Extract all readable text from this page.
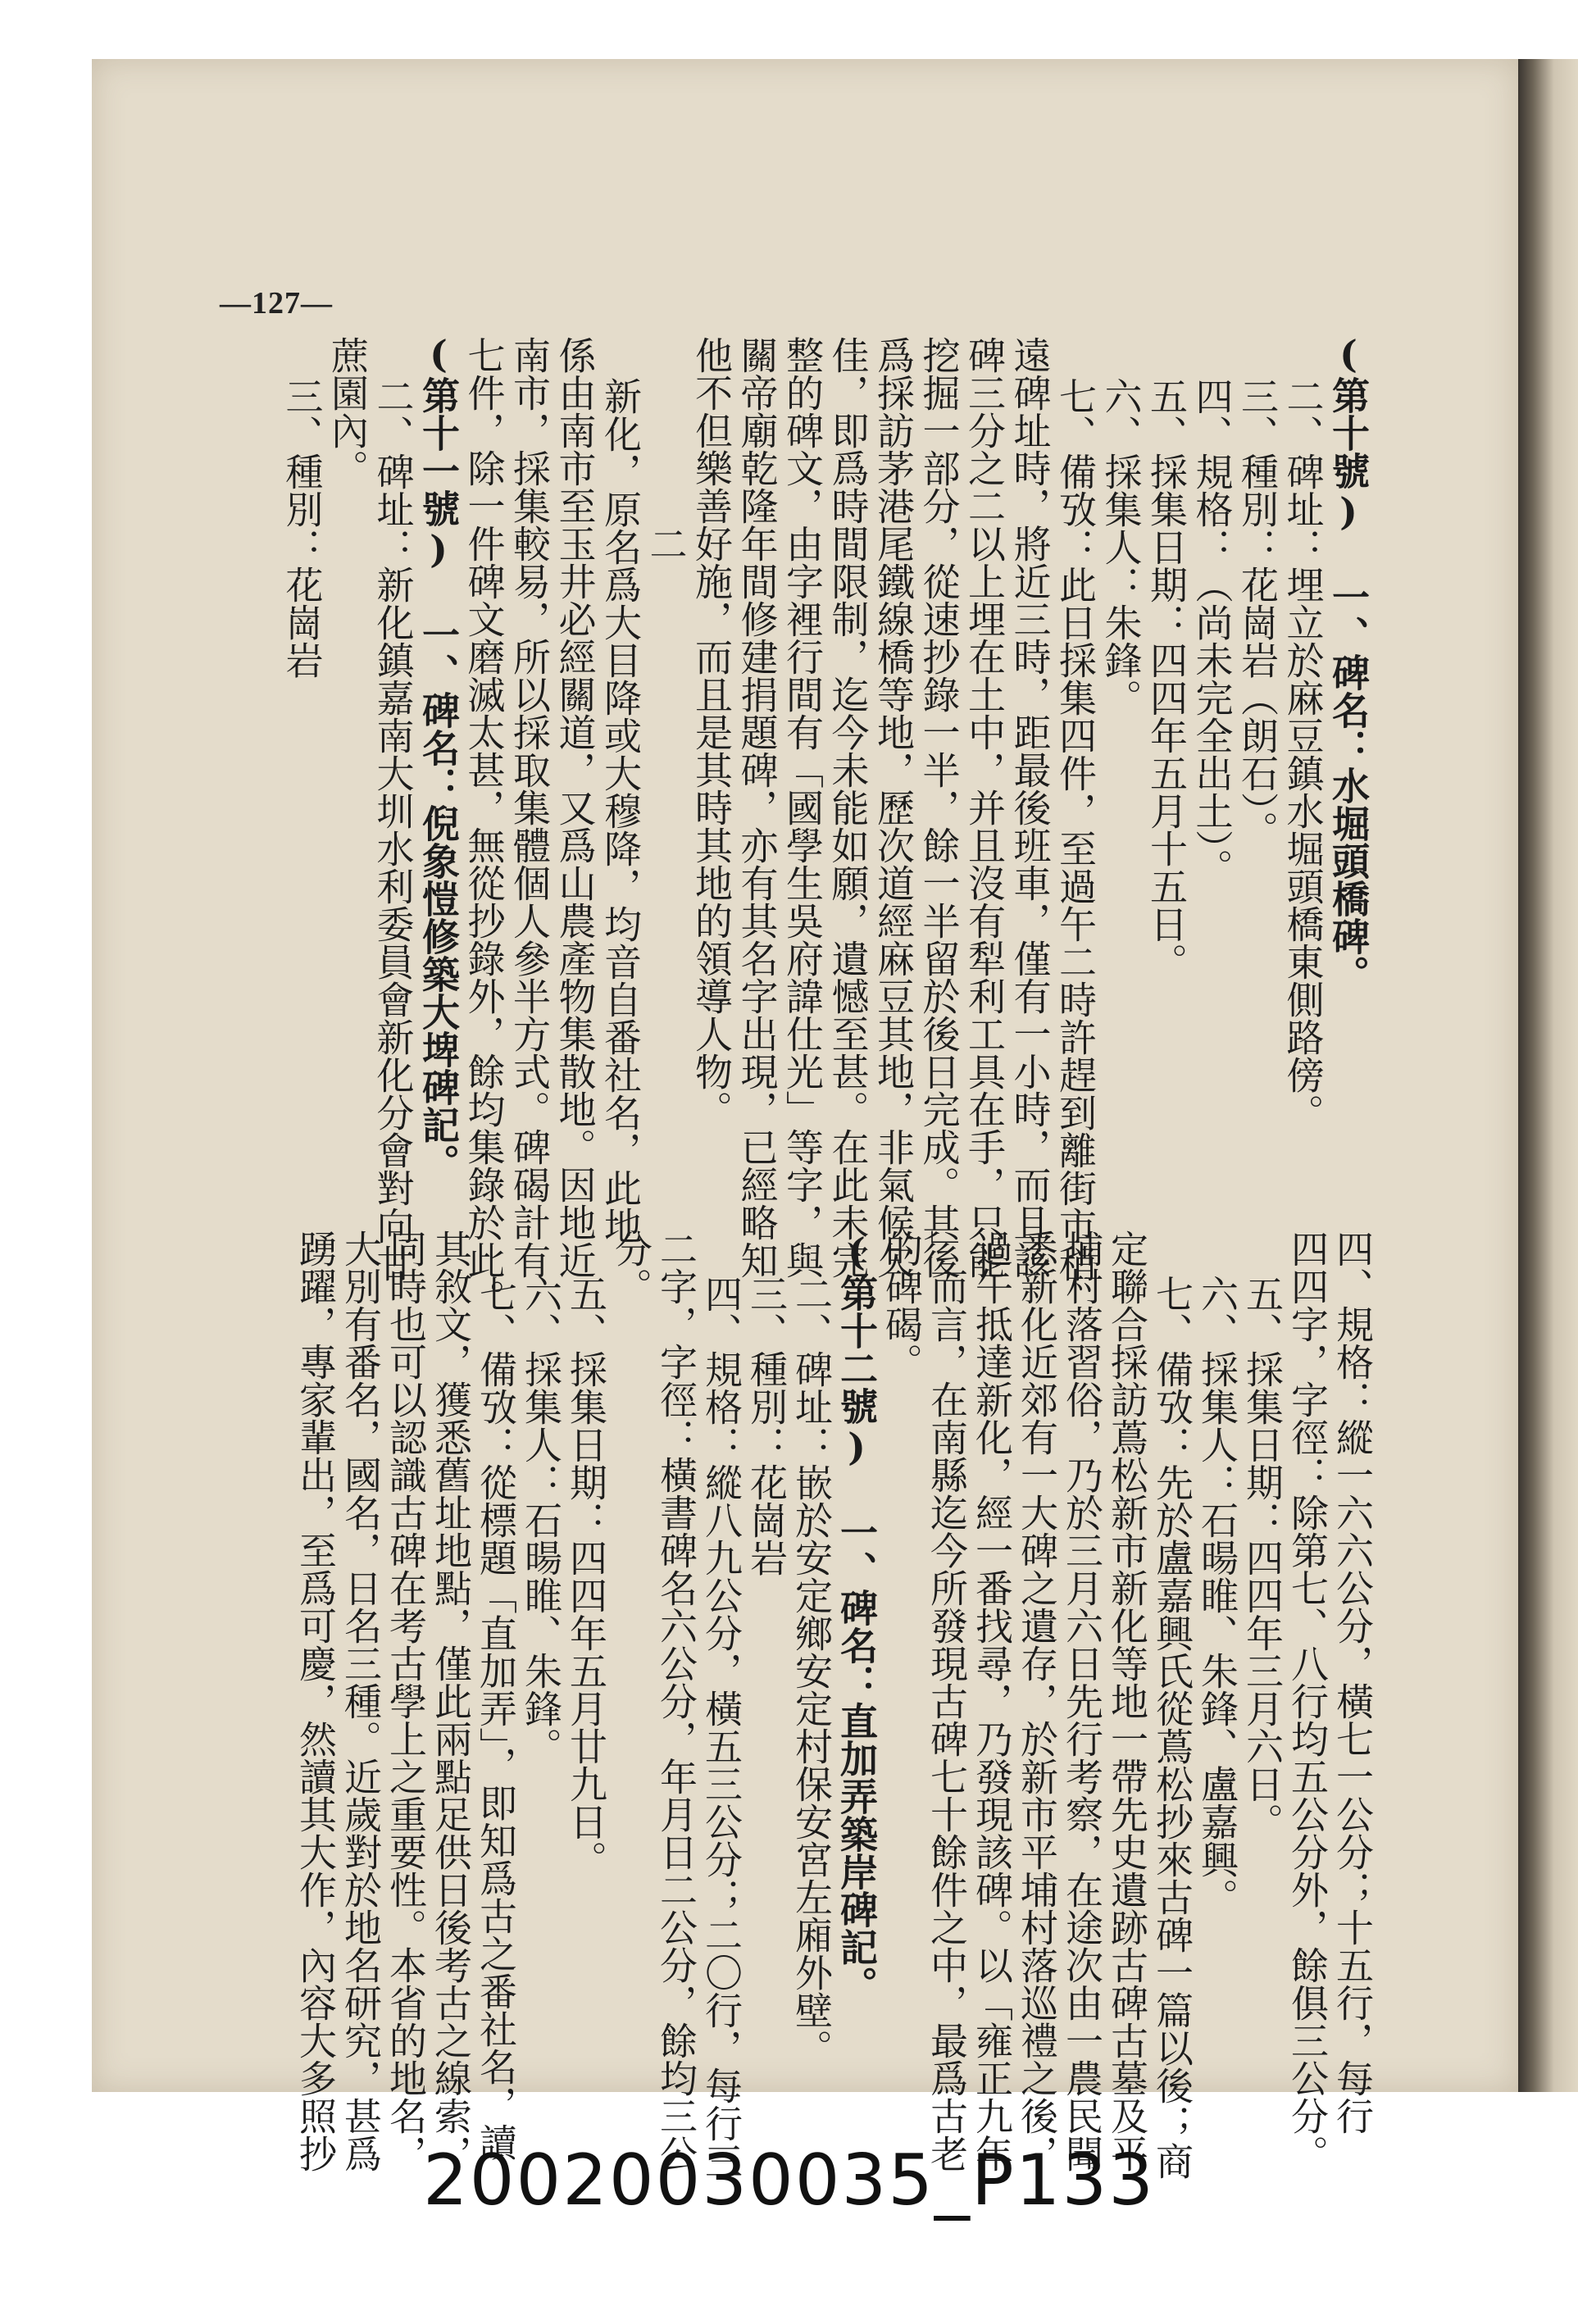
—127—
(第十號) 一、碑名：水堀頭橋碑。
二、碑址：埋立於麻豆鎮水堀頭橋東側路傍。
三、種別：花崗岩（朗石）。
四、規格：（尚未完全出土）。
五、採集日期：四四年五月十五日。
六、採集人：朱鋒。
七、備攷：此日採集四件，至過午二時許趕到離街市稍
遠碑址時，將近三時，距最後班車，僅有一小時，而且該
碑三分之二以上埋在土中，并且沒有犁利工具在手，只能
挖掘一部分，從速抄錄一半，餘一半留於後日完成。其後
爲採訪茅港尾鐵線橋等地，歷次道經麻豆其地，非氣候欠
佳，即爲時間限制，迄今未能如願，遺憾至甚。在此未完
整的碑文，由字裡行間有「國學生吳府諱仕光」等字，與
關帝廟乾隆年間修建捐題碑，亦有其名字出現，已經略知
他不但樂善好施，而且是其時其地的領導人物。
二
新化，原名爲大目降或大穆降，均音自番社名，此地
係由南市至玉井必經關道，又爲山農產物集散地。因地近
南市，採集較易，所以採取集體個人參半方式。碑碣計有
七件，除一件碑文磨滅太甚，無從抄錄外，餘均集錄於此。
(第十一號) 一、碑名：倪象愷修築大埤碑記。
二、碑址：新化鎮嘉南大圳水利委員會新化分會對向甘
蔗園內。
三、種別：花崗岩
四、規格：縱一六六公分，橫七一公分；十五行，每行
四四字，字徑：除第七、八行均五公分外，餘俱三公分。
五、採集日期：四四年三月六日。
六、採集人：石暘睢、朱鋒、盧嘉興。
七、備攷：先於盧嘉興氏從蔦松抄來古碑一篇以後；商
定聯合採訪蔦松新市新化等地一帶先史遺跡古碑古墓及平
埔村落習俗，乃於三月六日先行考察，在途次由一農民聞
悉新化近郊有一大碑之遺存，於新市平埔村落巡禮之後，
過午抵達新化，經一番找尋，乃發現該碑。以「雍正九年
」而言，在南縣迄今所發現古碑七十餘件之中，最爲古老
的碑碣。
(第十二號) 一、碑名：直加弄築岸碑記。
二、碑址：嵌於安定鄉安定村保安宮左廂外壁。
三、種別：花崗岩
四、規格：縱八九公分，橫五三公分；二〇行，每行三
二字，字徑：橫書碑名六公分，年月日二公分，餘均三公
分。
五、採集日期：四四年五月廿九日。
六、採集人：石暘睢、朱鋒。
七、備攷：從標題「直加弄」，即知爲古之番社名，讀
其敘文，獲悉舊址地點，僅此兩點足供日後考古之線索，
同時也可以認識古碑在考古學上之重要性。本省的地名，
大別有番名，國名，日名三種。近歲對於地名研究，甚爲
踴躍，專家輩出，至爲可慶，然讀其大作，內容大多照抄
20020030035_P133
